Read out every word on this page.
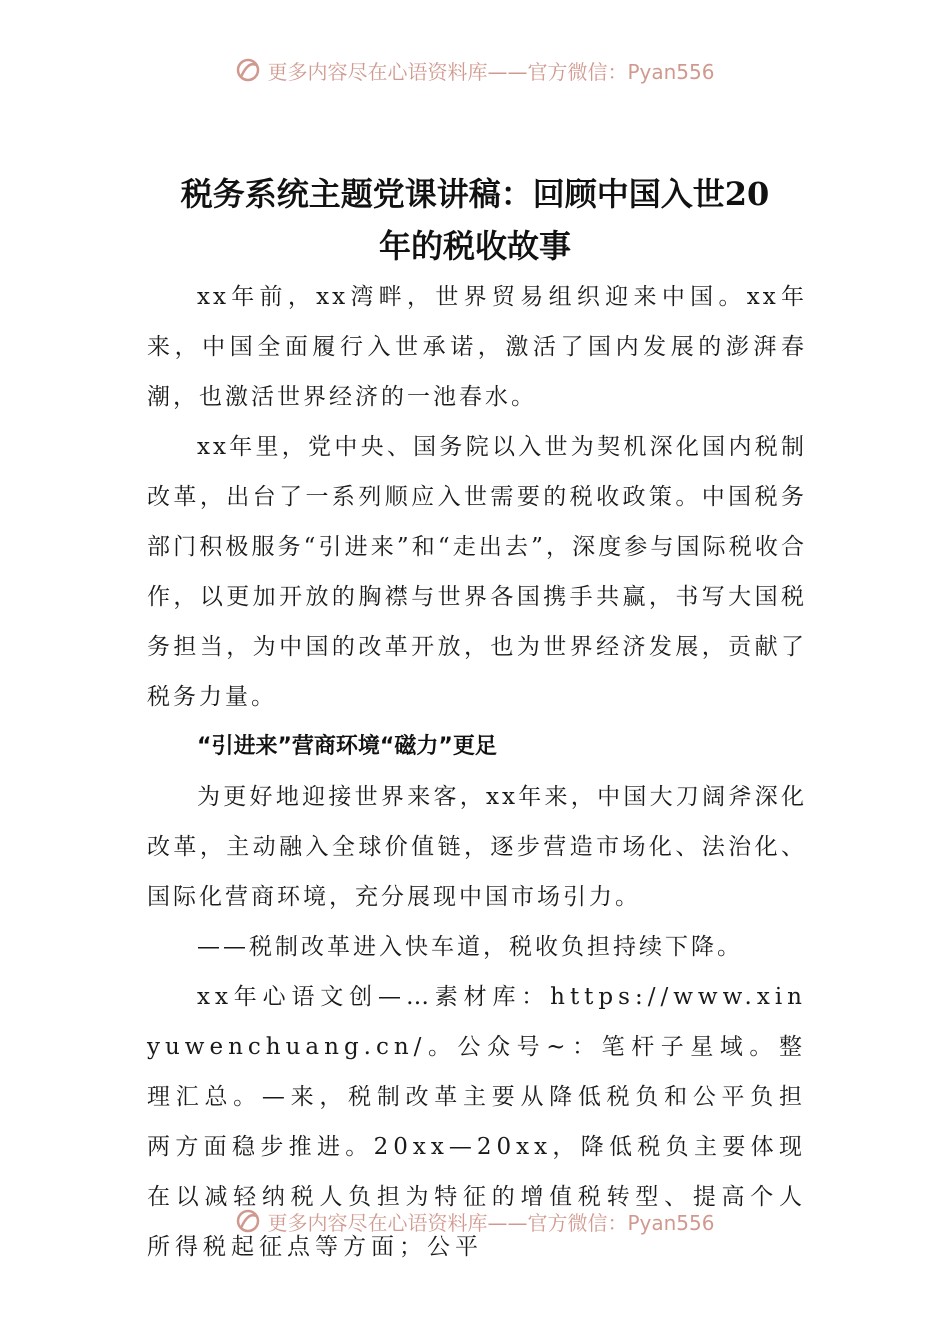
更多内容尽在心语资料库——官方微信：Pyan556
税务系统主题党课讲稿：回顾中国入世20
年的税收故事

xx年前，xx湾畔，世界贸易组织迎来中国。xx年来，中国全面履行入世承诺，激活了国内发展的澎湃春潮，也激活世界经济的一池春水。

xx年里，党中央、国务院以入世为契机深化国内税制改革，出台了一系列顺应入世需要的税收政策。中国税务部门积极服务“引进来”和“走出去”，深度参与国际税收合作，以更加开放的胸襟与世界各国携手共赢，书写大国税务担当，为中国的改革开放，也为世界经济发展，贡献了税务力量。

“引进来”营商环境“磁力”更足

为更好地迎接世界来客，xx年来，中国大刀阔斧深化改革，主动融入全球价值链，逐步营造市场化、法治化、国际化营商环境，充分展现中国市场引力。

——税制改革进入快车道，税收负担持续下降。

xx年心语文创—…素材库：https://www.xinyuwenchuang.cn/。公众号~：笔杆子星域。整理汇总。—来，税制改革主要从降低税负和公平负担两方面稳步推进。20xx—20xx，降低税负主要体现在以减轻纳税人负担为特征的增值税转型、提高个人所得税起征点等方面；公平

更多内容尽在心语资料库——官方微信：Pyan556
